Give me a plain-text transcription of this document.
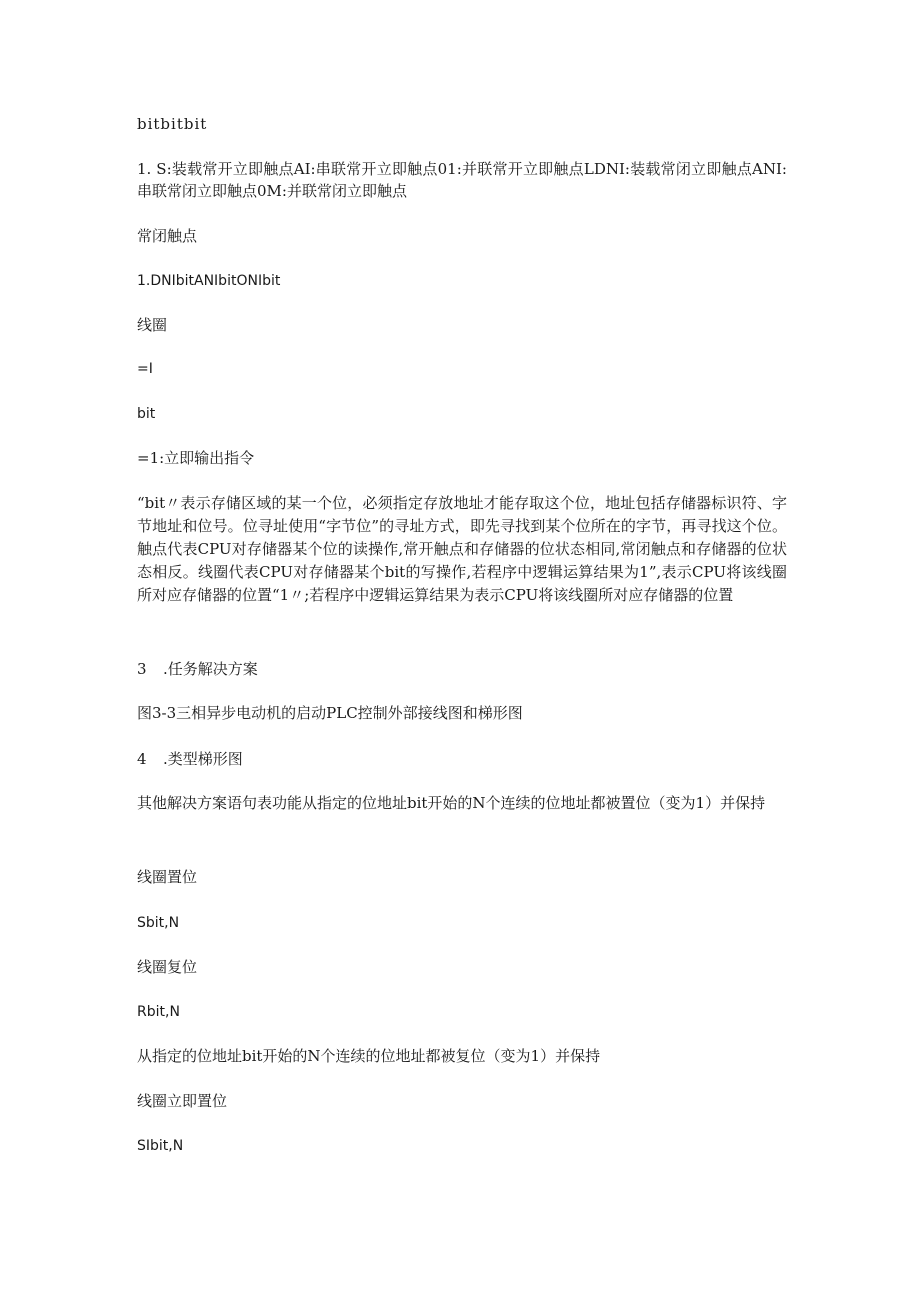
bitbitbit
1. S:装载常开立即触点AI:串联常开立即触点01:并联常开立即触点LDNI:装载常闭立即触点ANI:串联常闭立即触点0M:并联常闭立即触点
常闭触点
1.DNIbitANIbitONIbit
线圈
=I
bit
=1:立即输出指令
“bit〃表示存储区域的某一个位，必须指定存放地址才能存取这个位，地址包括存储器标识符、字节地址和位号。位寻址使用“字节位”的寻址方式，即先寻找到某个位所在的字节，再寻找这个位。触点代表CPU对存储器某个位的读操作,常开触点和存储器的位状态相同,常闭触点和存储器的位状态相反。线圈代表CPU对存储器某个bit的写操作,若程序中逻辑运算结果为1”,表示CPU将该线圈所对应存储器的位置“1〃;若程序中逻辑运算结果为表示CPU将该线圈所对应存储器的位置
3 .任务解决方案
图3-3三相异步电动机的启动PLC控制外部接线图和梯形图
4 .类型梯形图
其他解决方案语句表功能从指定的位地址bit开始的N个连续的位地址都被置位（变为1）并保持
线圈置位
Sbit,N
线圈复位
Rbit,N
从指定的位地址bit开始的N个连续的位地址都被复位（变为1）并保持
线圈立即置位
SIbit,N
